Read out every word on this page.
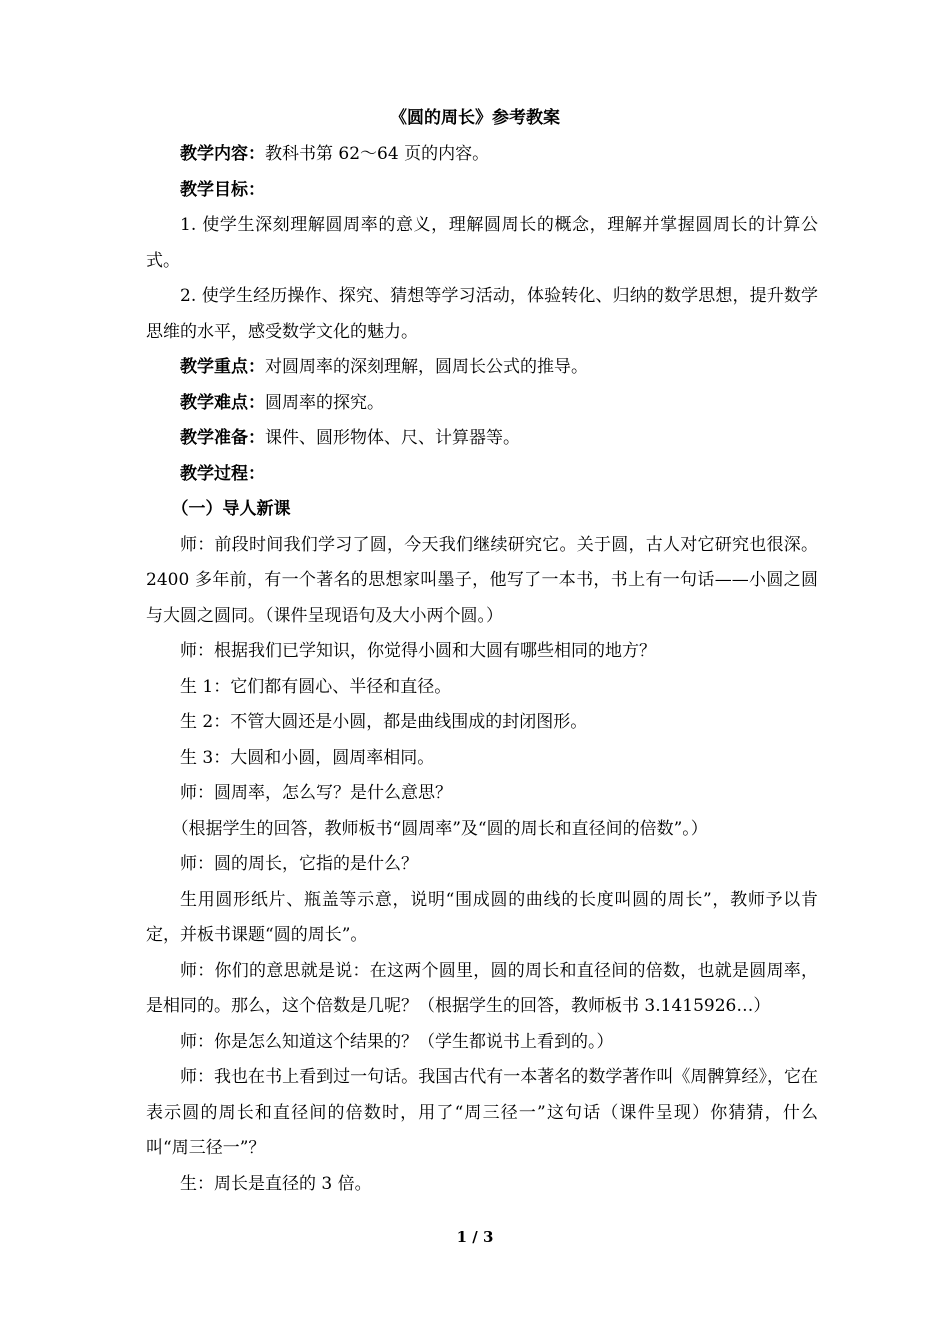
《圆的周长》参考教案

教学内容：教科书第 62～64 页的内容。

教学目标：

1. 使学生深刻理解圆周率的意义，理解圆周长的概念，理解并掌握圆周长的计算公式。

2. 使学生经历操作、探究、猜想等学习活动，体验转化、归纳的数学思想，提升数学思维的水平，感受数学文化的魅力。

教学重点：对圆周率的深刻理解，圆周长公式的推导。

教学难点：圆周率的探究。

教学准备：课件、圆形物体、尺、计算器等。

教学过程：

（一）导人新课

师：前段时间我们学习了圆，今天我们继续研究它。关于圆，古人对它研究也很深。2400 多年前，有一个著名的思想家叫墨子，他写了一本书，书上有一句话——小圆之圆与大圆之圆同。（课件呈现语句及大小两个圆。）

师：根据我们已学知识，你觉得小圆和大圆有哪些相同的地方？

生 1：它们都有圆心、半径和直径。

生 2：不管大圆还是小圆，都是曲线围成的封闭图形。

生 3：大圆和小圆，圆周率相同。

师：圆周率，怎么写？是什么意思？

（根据学生的回答，教师板书“圆周率”及“圆的周长和直径间的倍数”。）

师：圆的周长，它指的是什么？

生用圆形纸片、瓶盖等示意，说明“围成圆的曲线的长度叫圆的周长”，教师予以肯定，并板书课题“圆的周长”。

师：你们的意思就是说：在这两个圆里，圆的周长和直径间的倍数，也就是圆周率，是相同的。那么，这个倍数是几呢？（根据学生的回答，教师板书 3.1415926…）

师：你是怎么知道这个结果的？（学生都说书上看到的。）

师：我也在书上看到过一句话。我国古代有一本著名的数学著作叫《周髀算经》，它在表示圆的周长和直径间的倍数时，用了“周三径一”这句话（课件呈现）你猜猜，什么叫“周三径一”？

生：周长是直径的 3 倍。

1 / 3
